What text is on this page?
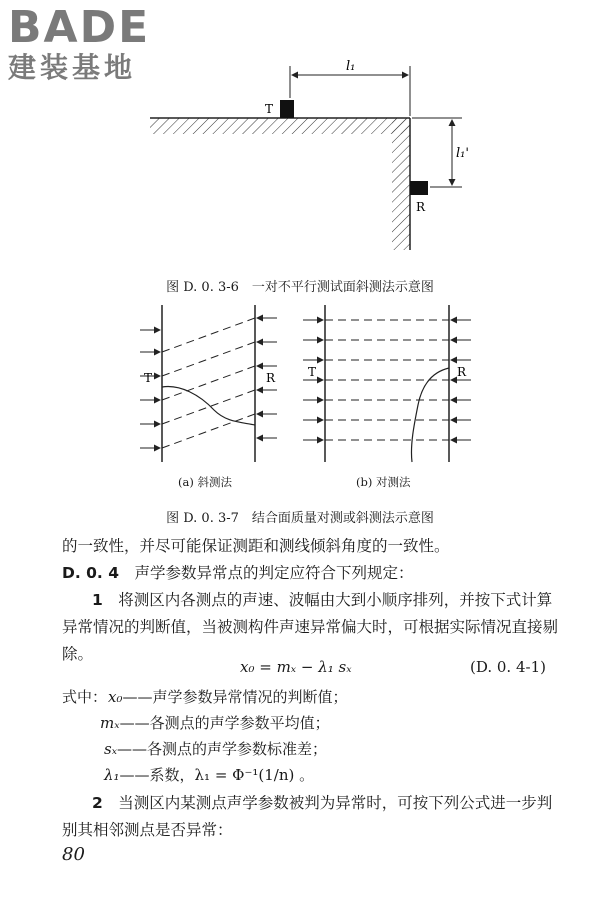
BADE
建装基地	l₁
l₁'
T
R
T	R	T	R
图 D. 0. 3-6　一对不平行测试面斜测法示意图
(a) 斜测法	(b) 对测法
图 D. 0. 3-7　结合面质量对测或斜测法示意图
的一致性，并尽可能保证测距和测线倾斜角度的一致性。
D. 0. 4　声学参数异常点的判定应符合下列规定：
1　将测区内各测点的声速、波幅由大到小顺序排列，并按下式计算异常情况的判断值，当被测构件声速异常偏大时，可根据实际情况直接剔除。
x₀ = mₓ − λ₁ sₓ	(D. 0. 4-1)
式中： x₀——声学参数异常情况的判断值；
mₓ——各测点的声学参数平均值；
sₓ——各测点的声学参数标准差；
λ₁——系数，λ₁ = Φ⁻¹(1/n) 。
2　当测区内某测点声学参数被判为异常时，可按下列公式进一步判别其相邻测点是否异常：
80
